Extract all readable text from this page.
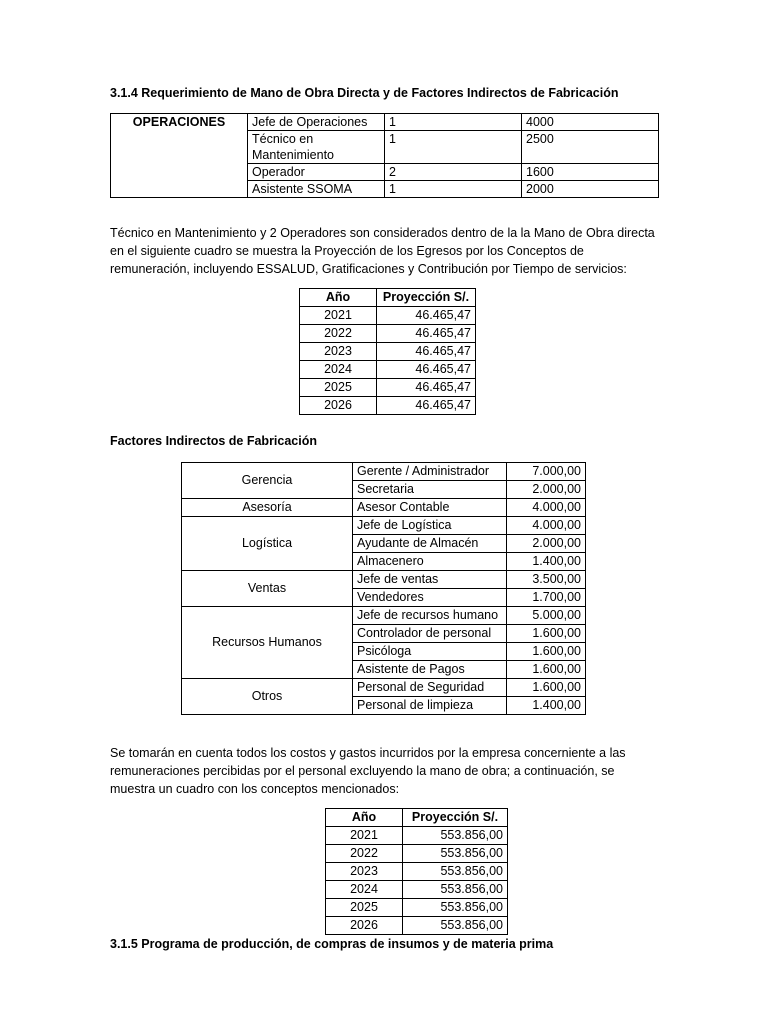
3.1.4 Requerimiento de Mano de Obra Directa y de Factores Indirectos de Fabricación
OPERACIONES	Jefe de Operaciones	1	4000
	Técnico en Mantenimiento	1	2500
	Operador	2	1600
	Asistente SSOMA	1	2000
Técnico en Mantenimiento y 2 Operadores son considerados dentro de la la Mano de Obra directa en el siguiente cuadro se muestra la Proyección de los Egresos por los Conceptos de remuneración, incluyendo ESSALUD, Gratificaciones y Contribución por Tiempo de servicios:
Año	Proyección S/.
2021	46.465,47
2022	46.465,47
2023	46.465,47
2024	46.465,47
2025	46.465,47
2026	46.465,47
Factores Indirectos de Fabricación
Gerencia	Gerente / Administrador	7.000,00
	Secretaria	2.000,00
Asesoría	Asesor Contable	4.000,00
Logística	Jefe de Logística	4.000,00
	Ayudante de Almacén	2.000,00
	Almacenero	1.400,00
Ventas	Jefe de ventas	3.500,00
	Vendedores	1.700,00
Recursos Humanos	Jefe de recursos humano	5.000,00
	Controlador de personal	1.600,00
	Psicóloga	1.600,00
	Asistente de Pagos	1.600,00
Otros	Personal de Seguridad	1.600,00
	Personal de limpieza	1.400,00
Se tomarán en cuenta todos los costos y gastos incurridos por la empresa concerniente a las remuneraciones percibidas por el personal excluyendo la mano de obra; a continuación, se muestra un cuadro con los conceptos mencionados:
Año	Proyección S/.
2021	553.856,00
2022	553.856,00
2023	553.856,00
2024	553.856,00
2025	553.856,00
2026	553.856,00
3.1.5 Programa de producción, de compras de insumos y de materia prima
